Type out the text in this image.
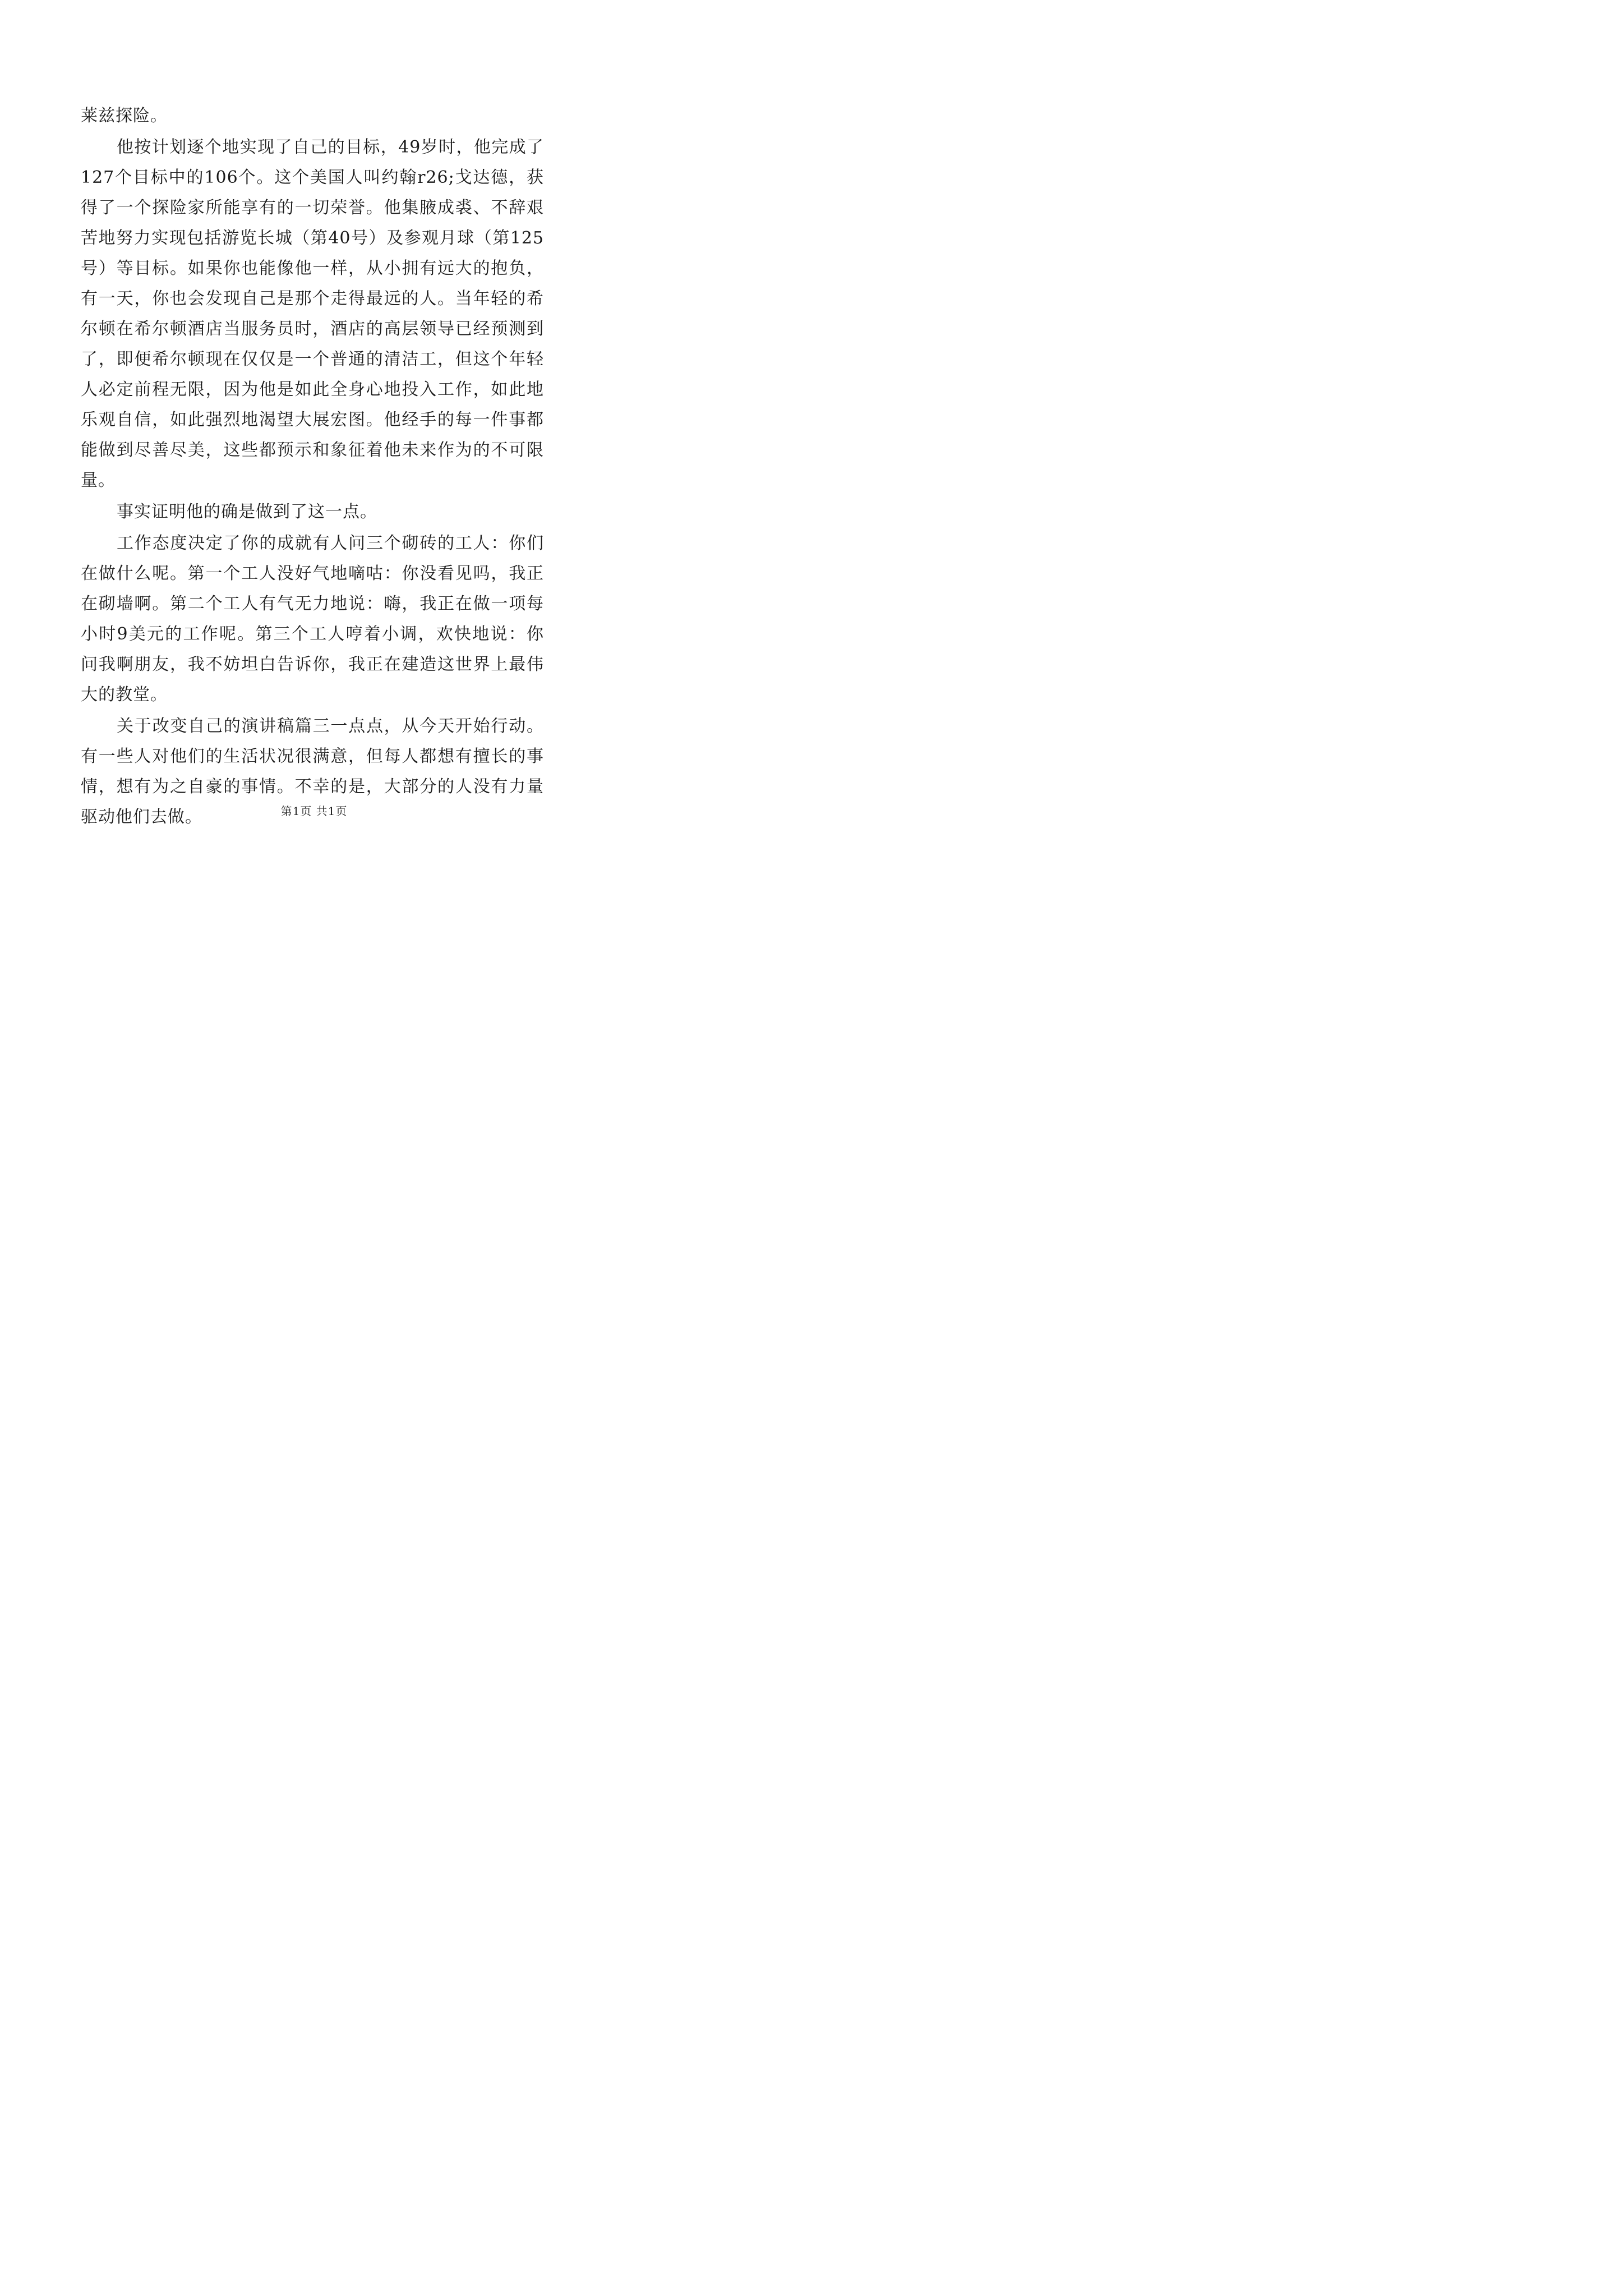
莱兹探险。

他按计划逐个地实现了自己的目标，49岁时，他完成了127个目标中的106个。这个美国人叫约翰r26;戈达德，获得了一个探险家所能享有的一切荣誉。他集腋成裘、不辞艰苦地努力实现包括游览长城（第40号）及参观月球（第125号）等目标。如果你也能像他一样，从小拥有远大的抱负，有一天，你也会发现自己是那个走得最远的人。当年轻的希尔顿在希尔顿酒店当服务员时，酒店的高层领导已经预测到了，即便希尔顿现在仅仅是一个普通的清洁工，但这个年轻人必定前程无限，因为他是如此全身心地投入工作，如此地乐观自信，如此强烈地渴望大展宏图。他经手的每一件事都能做到尽善尽美，这些都预示和象征着他未来作为的不可限量。

事实证明他的确是做到了这一点。

工作态度决定了你的成就有人问三个砌砖的工人：你们在做什么呢。第一个工人没好气地嘀咕：你没看见吗，我正在砌墙啊。第二个工人有气无力地说：嗨，我正在做一项每小时9美元的工作呢。第三个工人哼着小调，欢快地说：你问我啊朋友，我不妨坦白告诉你，我正在建造这世界上最伟大的教堂。

关于改变自己的演讲稿篇三一点点，从今天开始行动。有一些人对他们的生活状况很满意，但每人都想有擅长的事情，想有为之自豪的事情。不幸的是，大部分的人没有力量驱动他们去做。	第1页 共1页
